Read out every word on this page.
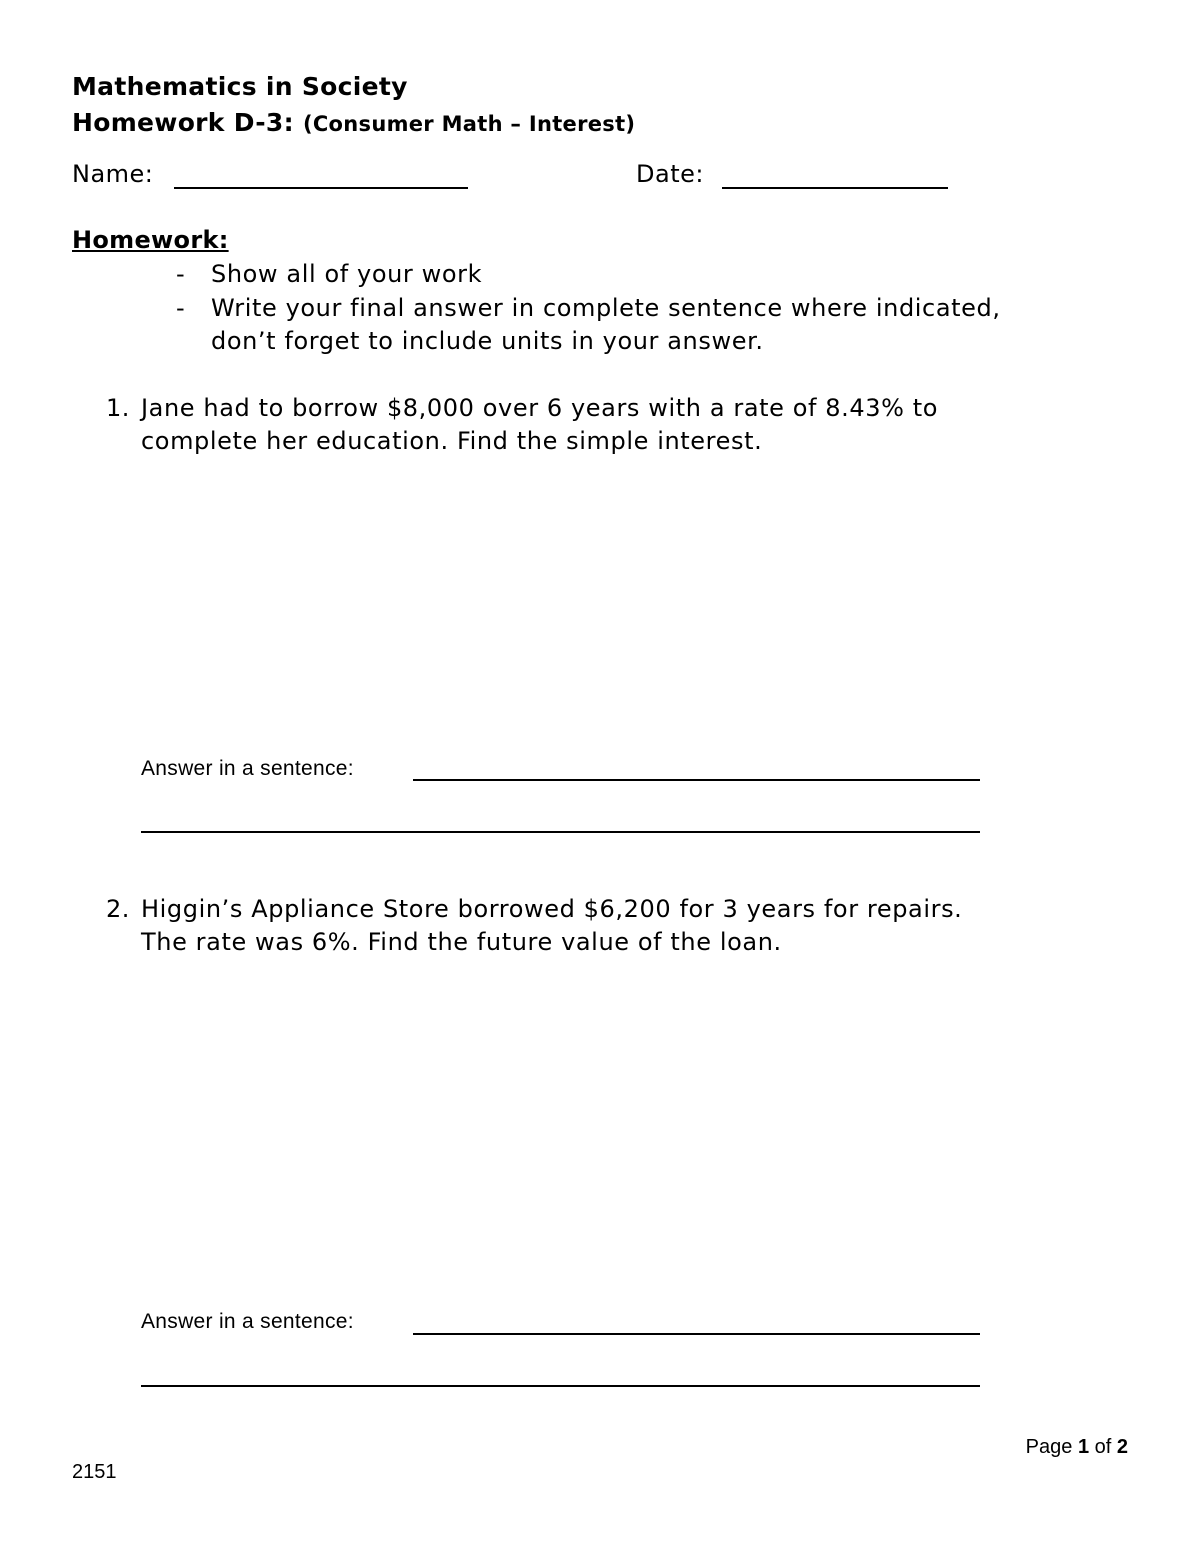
Mathematics in Society
Homework D-3: (Consumer Math – Interest)
Name:	Date:
Homework:
- Show all of your work
- Write your final answer in complete sentence where indicated,
don’t forget to include units in your answer.
1. Jane had to borrow $8,000 over 6 years with a rate of 8.43% to
complete her education. Find the simple interest.
Answer in a sentence:
2. Higgin’s Appliance Store borrowed $6,200 for 3 years for repairs.
The rate was 6%. Find the future value of the loan.
Answer in a sentence:
Page 1 of 2
2151
